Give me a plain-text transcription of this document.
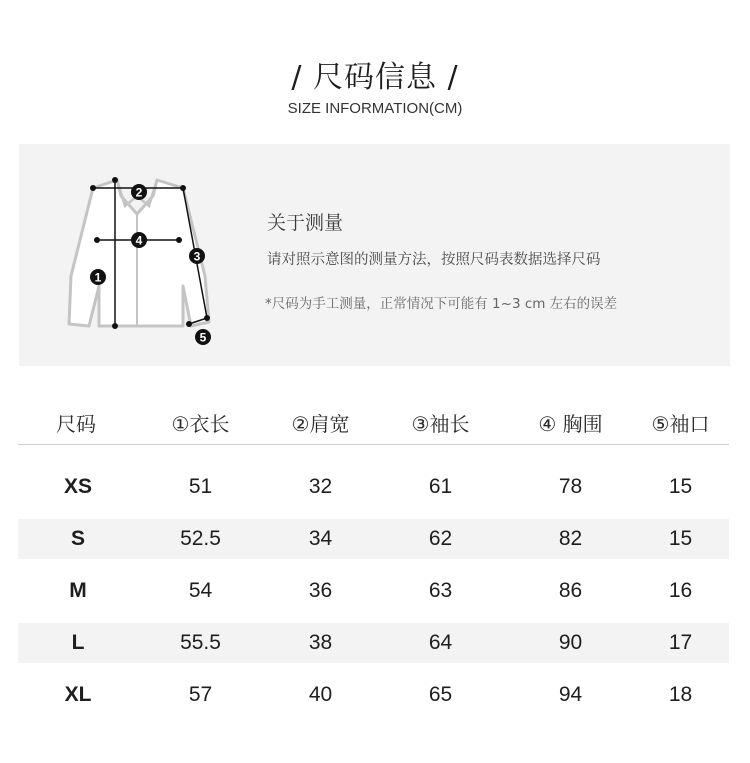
/ 尺码信息 /
SIZE INFORMATION(CM)
2
4
3
1
5
关于测量
请对照示意图的测量方法，按照尺码表数据选择尺码
*尺码为手工测量，正常情况下可能有 1~3 cm 左右的误差
尺码	①衣长	②肩宽	③袖长	④ 胸围	⑤袖口
XS	51	32	61	78	15
S	52.5	34	62	82	15
M	54	36	63	86	16
L	55.5	38	64	90	17
XL	57	40	65	94	18
